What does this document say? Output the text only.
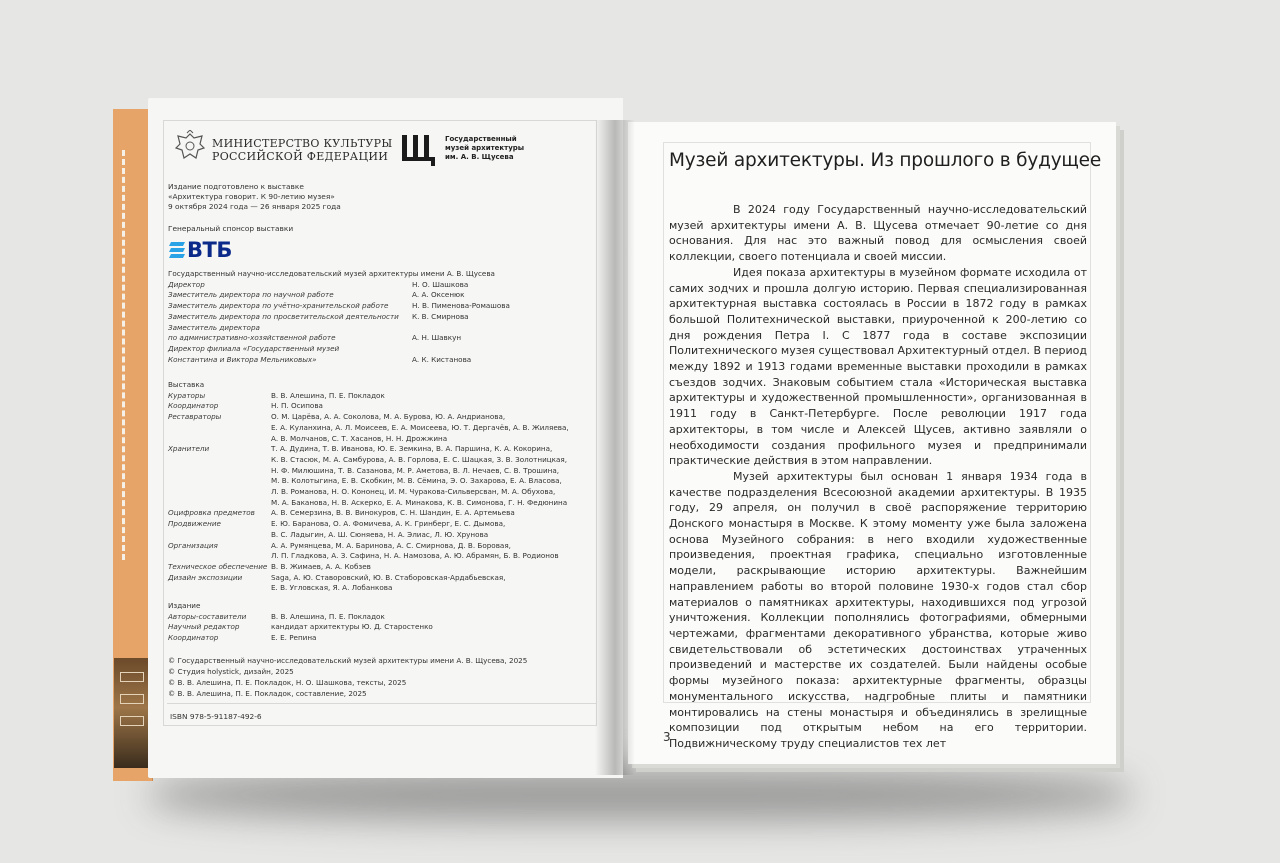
МИНИСТЕРСТВО КУЛЬТУРЫ
РОССИЙСКОЙ ФЕДЕРАЦИИ
Государственный
музей архитектуры
им. А. В. Щусева
Издание подготовлено к выставке
«Архитектура говорит. К 90-летию музея»
9 октября 2024 года — 26 января 2025 года
Генеральный спонсор выставки
ВТБ
Государственный научно-исследовательский музей архитектуры имени А. В. Щусева
Директор	Н. О. Шашкова
Заместитель директора по научной работе	А. А. Оксенюк
Заместитель директора по учётно-хранительской работе	Н. В. Пименова-Ромашова
Заместитель директора по просветительской деятельности	К. В. Смирнова
Заместитель директора
по административно-хозяйственной работе	А. Н. Шавкун
Директор филиала «Государственный музей
Константина и Виктора Мельниковых»	А. К. Кистанова
Выставка
Кураторы	В. В. Алешина, П. Е. Покладок
Координатор	Н. П. Осипова
Реставраторы	О. М. Царёва, А. А. Соколова, М. А. Бурова, Ю. А. Андрианова,
Е. А. Куланхина, А. Л. Моисеев, Е. А. Моисеева, Ю. Т. Дергачёв, А. В. Жиляева,
А. В. Молчанов, С. Т. Хасанов, Н. Н. Дрожжина
Хранители	Т. А. Дудина, Т. В. Иванова, Ю. Е. Земкина, В. А. Паршина, К. А. Кокорина,
К. В. Стасюк, М. А. Самбурова, А. В. Горлова, Е. С. Шацкая, З. В. Золотницкая,
Н. Ф. Милюшина, Т. В. Сазанова, М. Р. Аметова, В. Л. Нечаев, С. В. Трошина,
М. В. Колотыгина, Е. В. Скобкин, М. В. Сёмина, Э. О. Захарова, Е. А. Власова,
Л. В. Романова, Н. О. Кононец, И. М. Чуракова-Сильверсван, М. А. Обухова,
М. А. Баканова, Н. В. Аскерко, Е. А. Минакова, К. В. Симонова, Г. Н. Федюнина
Оцифровка предметов	А. В. Семерзина, В. В. Винокуров, С. Н. Шандин, Е. А. Артемьева
Продвижение	Е. Ю. Баранова, О. А. Фомичева, А. К. Гринберг, Е. С. Дымова,
В. С. Ладыгин, А. Ш. Сюняева, Н. А. Элиас, Л. Ю. Хрунова
Организация	А. А. Румянцева, М. А. Баринова, А. С. Смирнова, Д. В. Боровая,
Л. П. Гладкова, А. З. Сафина, Н. А. Намозова, А. Ю. Абрамян, Б. В. Родионов
Техническое обеспечение В. В. Жимаев, А. А. Кобзев
Дизайн экспозиции	Saga, А. Ю. Ставоровский, Ю. В. Стаборовская-Ардабьевская,
Е. В. Угловская, Я. А. Лобанкова
Издание
Авторы-составители	В. В. Алешина, П. Е. Покладок
Научный редактор	кандидат архитектуры Ю. Д. Старостенко
Координатор	Е. Е. Репина
© Государственный научно-исследовательский музей архитектуры имени А. В. Щусева, 2025
© Студия holystick, дизайн, 2025
© В. В. Алешина, П. Е. Покладок, Н. О. Шашкова, тексты, 2025
© В. В. Алешина, П. Е. Покладок, составление, 2025
ISBN 978-5-91187-492-6
Музей архитектуры. Из прошлого в будущее

В 2024 году Государственный научно-исследовательский музей архитектуры имени А. В. Щусева отмечает 90-летие со дня основания. Для нас это важный повод для осмысления своей коллекции, своего потенциала и своей миссии.

Идея показа архитектуры в музейном формате исходила от самих зодчих и прошла долгую историю. Первая специализированная архитектурная выставка состоялась в России в 1872 году в рамках большой Политехнической выставки, приуроченной к 200-летию со дня рождения Петра I. С 1877 года в составе экспозиции Политехнического музея существовал Архитектурный отдел. В период между 1892 и 1913 годами временные выставки проходили в рамках съездов зодчих. Знаковым событием стала «Историческая выставка архитектуры и художественной промышленности», организованная в 1911 году в Санкт-Петербурге. После революции 1917 года архитекторы, в том числе и Алексей Щусев, активно заявляли о необходимости создания профильного музея и предпринимали практические действия в этом направлении.

Музей архитектуры был основан 1 января 1934 года в качестве подразделения Всесоюзной академии архитектуры. В 1935 году, 29 апреля, он получил в своё распоряжение территорию Донского монастыря в Москве. К этому моменту уже была заложена основа Музейного собрания: в него входили художественные произведения, проектная графика, специально изготовленные модели, раскрывающие историю архитектуры. Важнейшим направлением работы во второй половине 1930-х годов стал сбор материалов о памятниках архитектуры, находившихся под угрозой уничтожения. Коллекции пополнялись фотографиями, обмерными чертежами, фрагментами декоративного убранства, которые живо свидетельствовали об эстетических достоинствах утраченных произведений и мастерстве их создателей. Были найдены особые формы музейного показа: архитектурные фрагменты, образцы монументального искусства, надгробные плиты и памятники монтировались на стены монастыря и объединялись в зрелищные композиции под открытым небом на его территории. Подвижническому труду специалистов тех лет

3
